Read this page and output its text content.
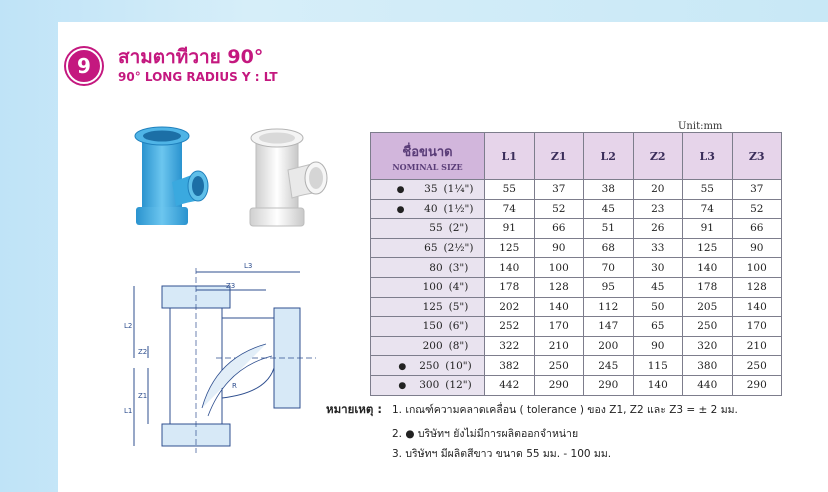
9	สามตาทีวาย 90°
90° LONG RADIUS Y : LT
L3
Z3
L2
Z2
Z1
L1
R
Unit:mm
ชื่อขนาด
NOMINAL SIZE	L1	Z1	L2	Z2	L3	Z3
● 35 (1¼")	55	37	38	20	55	37
● 40 (1½")	74	52	45	23	74	52
55 (2")	91	66	51	26	91	66
65 (2½")	125	90	68	33	125	90
80 (3")	140	100	70	30	140	100
100 (4")	178	128	95	45	178	128
125 (5")	202	140	112	50	205	140
150 (6")	252	170	147	65	250	170
200 (8")	322	210	200	90	320	210
● 250 (10")	382	250	245	115	380	250
● 300 (12")	442	290	290	140	440	290
หมายเหตุ : 1. เกณฑ์ความคลาดเคลื่อน ( tolerance ) ของ Z1, Z2 และ Z3 = ± 2 มม.
2. ● บริษัทฯ ยังไม่มีการผลิตออกจำหน่าย
3. บริษัทฯ มีผลิตสีขาว ขนาด 55 มม. - 100 มม.
